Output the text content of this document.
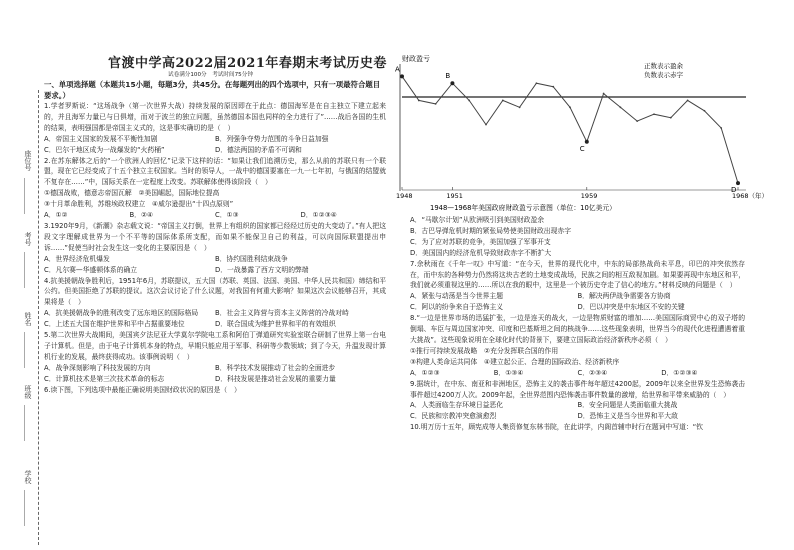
座位号
考号
姓名
班级
学校
官渡中学高2022届2021年春期末考试历史卷
试卷满分100分　考试时间75分钟

一、单项选择题（本题共15小题，每题3分，共45分。在每题列出的四个选项中，只有一项最符合题目要求。）

1.学者罗斯说：“这场战争（第一次世界大战）持续发展的原因即在于此点：德国海军是在自主独立下建立起来的，并且海军力量已与日俱增，而对于波兰的独立问题，虽然德国本国也同样的全力进行了”……战后各国的生机的结果，表明强国都是帝国主义式的，这是事实确切的是（　）

A．帝国主义国家的发展不平衡性加剧	B．列强争夺势力范围的斗争日益加强
C．巴尔干地区成为一战爆发的“火药桶”	D．德法两国的矛盾不可调和

2.在苏东解体之后的“一个欧洲人的回忆”记录下这样的话：“如果让我们追溯历史，那么从前的苏联只有一个联盟，现在它已经变成了十五个独立主权国家。当时的领导人，一战中的德国要塞在一九一七年初，与俄国的结盟就不复存在……”中，国际关系在一定程度上改变。苏联解体使得该阶段（　）

①德国战败，德意志帝国瓦解　②美国崛起，国际地位提高
③十月革命胜利，苏维埃政权建立　④威尔逊提出“十四点原则”

A．①②	B．②④	C．①③	D．①②③④

3.1920年9月，《新潮》杂志载文说：“帝国主义打倒，世界上有组织的国家都已经经过历史的大变动了。”有人把这段文字理解成世界为一个不平等的国际体系所支配，而如果不能保卫自己的利益，可以向国际联盟提出申诉……”促使当时社会发生这一变化的主要原因是（　）

A．世界经济危机爆发	B．协约国胜利结束战争
C．凡尔赛—华盛顿体系的确立	D．一战暴露了西方文明的弊端

4.抗美援朝战争胜利后，1951年6月，苏联提议，五大国（苏联、英国、法国、美国、中华人民共和国）缔结和平公约。但美国拒绝了苏联的提议。这次会议讨论了什么议题，对我国有何重大影响？如果这次会议能够召开，其成果将是（　）

A．抗美援朝战争的胜利改变了远东地区的国际格局	B．社会主义阵营与资本主义阵营的冷战对峙
C．上述五大国在维护世界和平中占据重要地位	D．联合国成为维护世界和平的有效组织

5.第二次世界大战期间，美国宾夕法尼亚大学莫尔学院电工系和阿伯丁弹道研究实验室联合研制了世界上第一台电子计算机。但是，由于电子计算机本身的特点，早期只能应用于军事、科研等少数领域；到了今天，升温发现计算机行业的发展，最终获得成功。该事例说明（　）

A．战争深刻影响了科技发展的方向	B．科学技术发展推动了社会的全面进步
C．计算机技术是第三次技术革命的标志	D．科技发展是推动社会发展的重要力量

6.读下图，下列选项中最能正确说明美国财政状况的原因是（　）

财政盈亏
正数表示盈余
负数表示赤字
A
B
C
D
1948	1951	1959	1968（年）
1948—1968年美国政府财政盈亏示意图（单位：10亿美元）

A．“马歇尔计划”从欧洲吸引到美国财政盈余

B．古巴导弹危机时期的紧张局势使美国财政出现赤字

C．为了应对苏联的竞争，美国加强了军事开支

D．美国国内的经济危机导致财政赤字不断扩大

7.余秋雨在《千年一叹》中写道：“在今天，世界的现代化中，中东的局部热战尚未平息，印巴的冲突依然存在，而中东的各种势力仍然将这块古老的土地变成战场，民族之间的相互敌视加剧。如果要再现中东地区和平，我们就必须重视这里的……所以在我的眼中，这里是一个被历史夺走了信心的地方。”材料反映的问题是（　）

A．紧张与动荡是当今世界主题	B．解决两伊战争需要各方协商
C．阿以的纷争来自于恐怖主义	D．巴以冲突是中东地区不安的关键

8.“一边是世界市场的迅猛扩张，一边是连天的战火，一边是物质财富的增加……美国国际商贸中心的双子塔的倒塌、车臣与周边国家冲突、印度和巴基斯坦之间的核战争……这些现象表明，世界当今的现代化进程遭遇着重大挑战”。这些现象说明在全球化时代的背景下，要建立国际政治经济新秩序必须（　）

①推行可持续发展战略　②充分发挥联合国的作用
③构建人类命运共同体　④建立起公正、合理的国际政治、经济新秩序

A．①②③	B．①③④	C．②③④	D．①②③④

9.据统计，在中东、南亚和非洲地区，恐怖主义的袭击事件每年超过4200起，2009年以来全世界发生恐怖袭击事件超过4200万人次。2009年起，全世界范围内恐怖袭击事件数量的激增，给世界和平带来威胁的（　）

A．人类面临生存环境日益恶化	B．安全问题是人类面临重大挑战
C．民族和宗教冲突愈演愈烈	D．恐怖主义是当今世界和平大敌

10.明万历十五年，顾宪成等人集资修复东林书院，在此讲学，内阁首辅申时行在题词中写道：“钦
